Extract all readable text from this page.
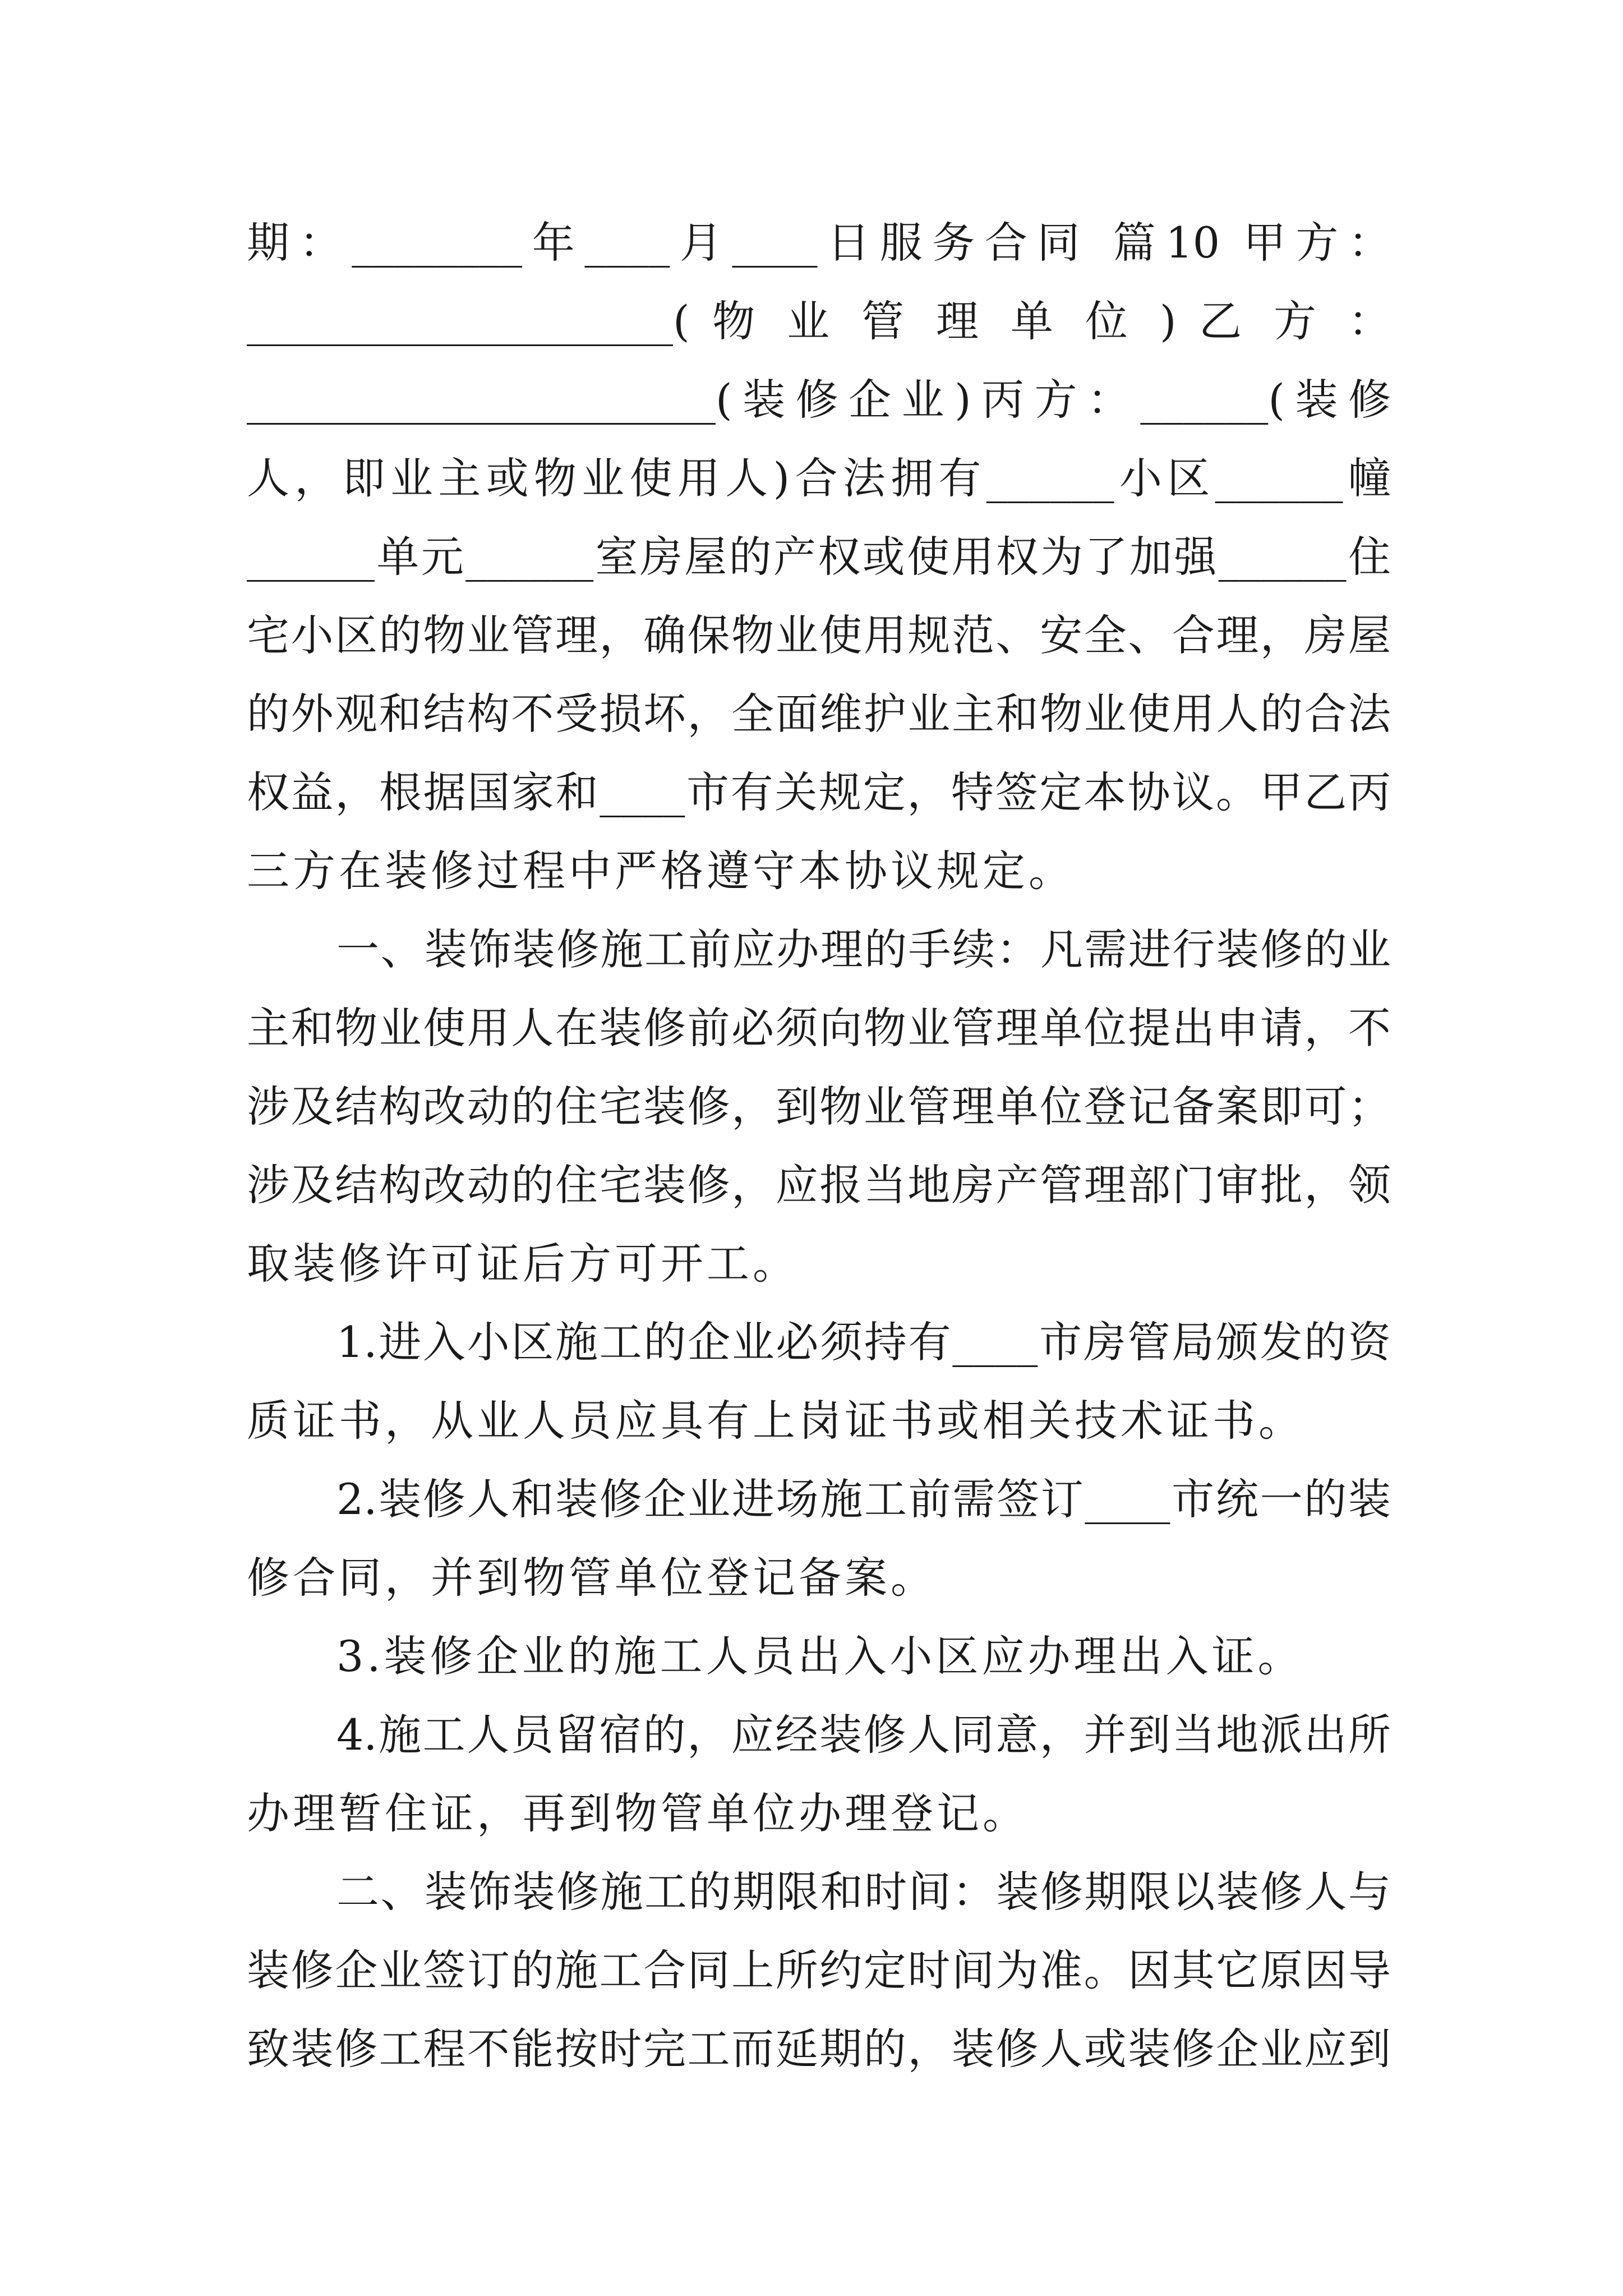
期：________年____月____日服务合同 篇10 甲方：
____________________( 物 业 管 理 单 位 ) 乙 方 ：
______________________(装修企业)丙方：______(装修
人，即业主或物业使用人)合法拥有______小区______幢
______单元______室房屋的产权或使用权为了加强______住
宅小区的物业管理，确保物业使用规范、安全、合理，房屋
的外观和结构不受损坏，全面维护业主和物业使用人的合法
权益，根据国家和____市有关规定，特签定本协议。甲乙丙
三方在装修过程中严格遵守本协议规定。
一、装饰装修施工前应办理的手续：凡需进行装修的业
主和物业使用人在装修前必须向物业管理单位提出申请，不
涉及结构改动的住宅装修，到物业管理单位登记备案即可；
涉及结构改动的住宅装修，应报当地房产管理部门审批，领
取装修许可证后方可开工。
1.进入小区施工的企业必须持有____市房管局颁发的资
质证书，从业人员应具有上岗证书或相关技术证书。
2.装修人和装修企业进场施工前需签订____市统一的装
修合同，并到物管单位登记备案。
3.装修企业的施工人员出入小区应办理出入证。
4.施工人员留宿的，应经装修人同意，并到当地派出所
办理暂住证，再到物管单位办理登记。
二、装饰装修施工的期限和时间：装修期限以装修人与
装修企业签订的施工合同上所约定时间为准。因其它原因导
致装修工程不能按时完工而延期的，装修人或装修企业应到
